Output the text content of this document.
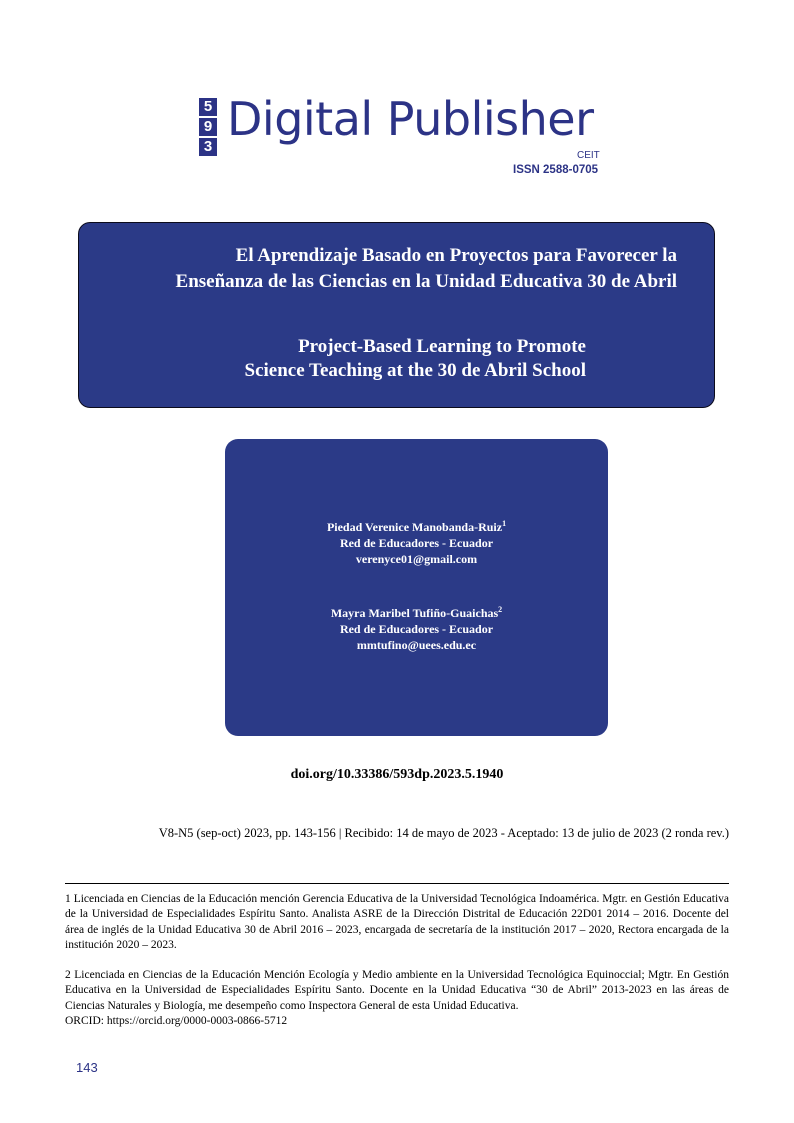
5
9
3
Digital Publisher
CEIT
ISSN 2588-0705
El Aprendizaje Basado en Proyectos para Favorecer la
Enseñanza de las Ciencias en la Unidad Educativa 30 de Abril
Project-Based Learning to Promote
Science Teaching at the 30 de Abril School
Piedad Verenice Manobanda-Ruiz$^1$
Red de Educadores - Ecuador
verenyce01@gmail.com
Mayra Maribel Tufiño-Guaichas$^2$
Red de Educadores - Ecuador
mmtufino@uees.edu.ec
doi.org/10.33386/593dp.2023.5.1940
V8-N5 (sep-oct) 2023, pp. 143-156 | Recibido: 14 de mayo de 2023 - Aceptado: 13 de julio de 2023 (2 ronda rev.)
1 Licenciada en Ciencias de la Educación mención Gerencia Educativa de la Universidad Tecnológica Indoamérica. Mgtr. en Gestión Educativa de la Universidad de Especialidades Espíritu Santo. Analista ASRE de la Dirección Distrital de Educación 22D01 2014 – 2016. Docente del área de inglés de la Unidad Educativa 30 de Abril 2016 – 2023, encargada de secretaría de la institución 2017 – 2020, Rectora encargada de la institución 2020 – 2023.
2 Licenciada en Ciencias de la Educación Mención Ecología y Medio ambiente en la Universidad Tecnológica Equinoccial; Mgtr. En Gestión Educativa en la Universidad de Especialidades Espíritu Santo. Docente en la Unidad Educativa “30 de Abril” 2013-2023 en las áreas de Ciencias Naturales y Biología, me desempeño como Inspectora General de esta Unidad Educativa.
ORCID: https://orcid.org/0000-0003-0866-5712
143
